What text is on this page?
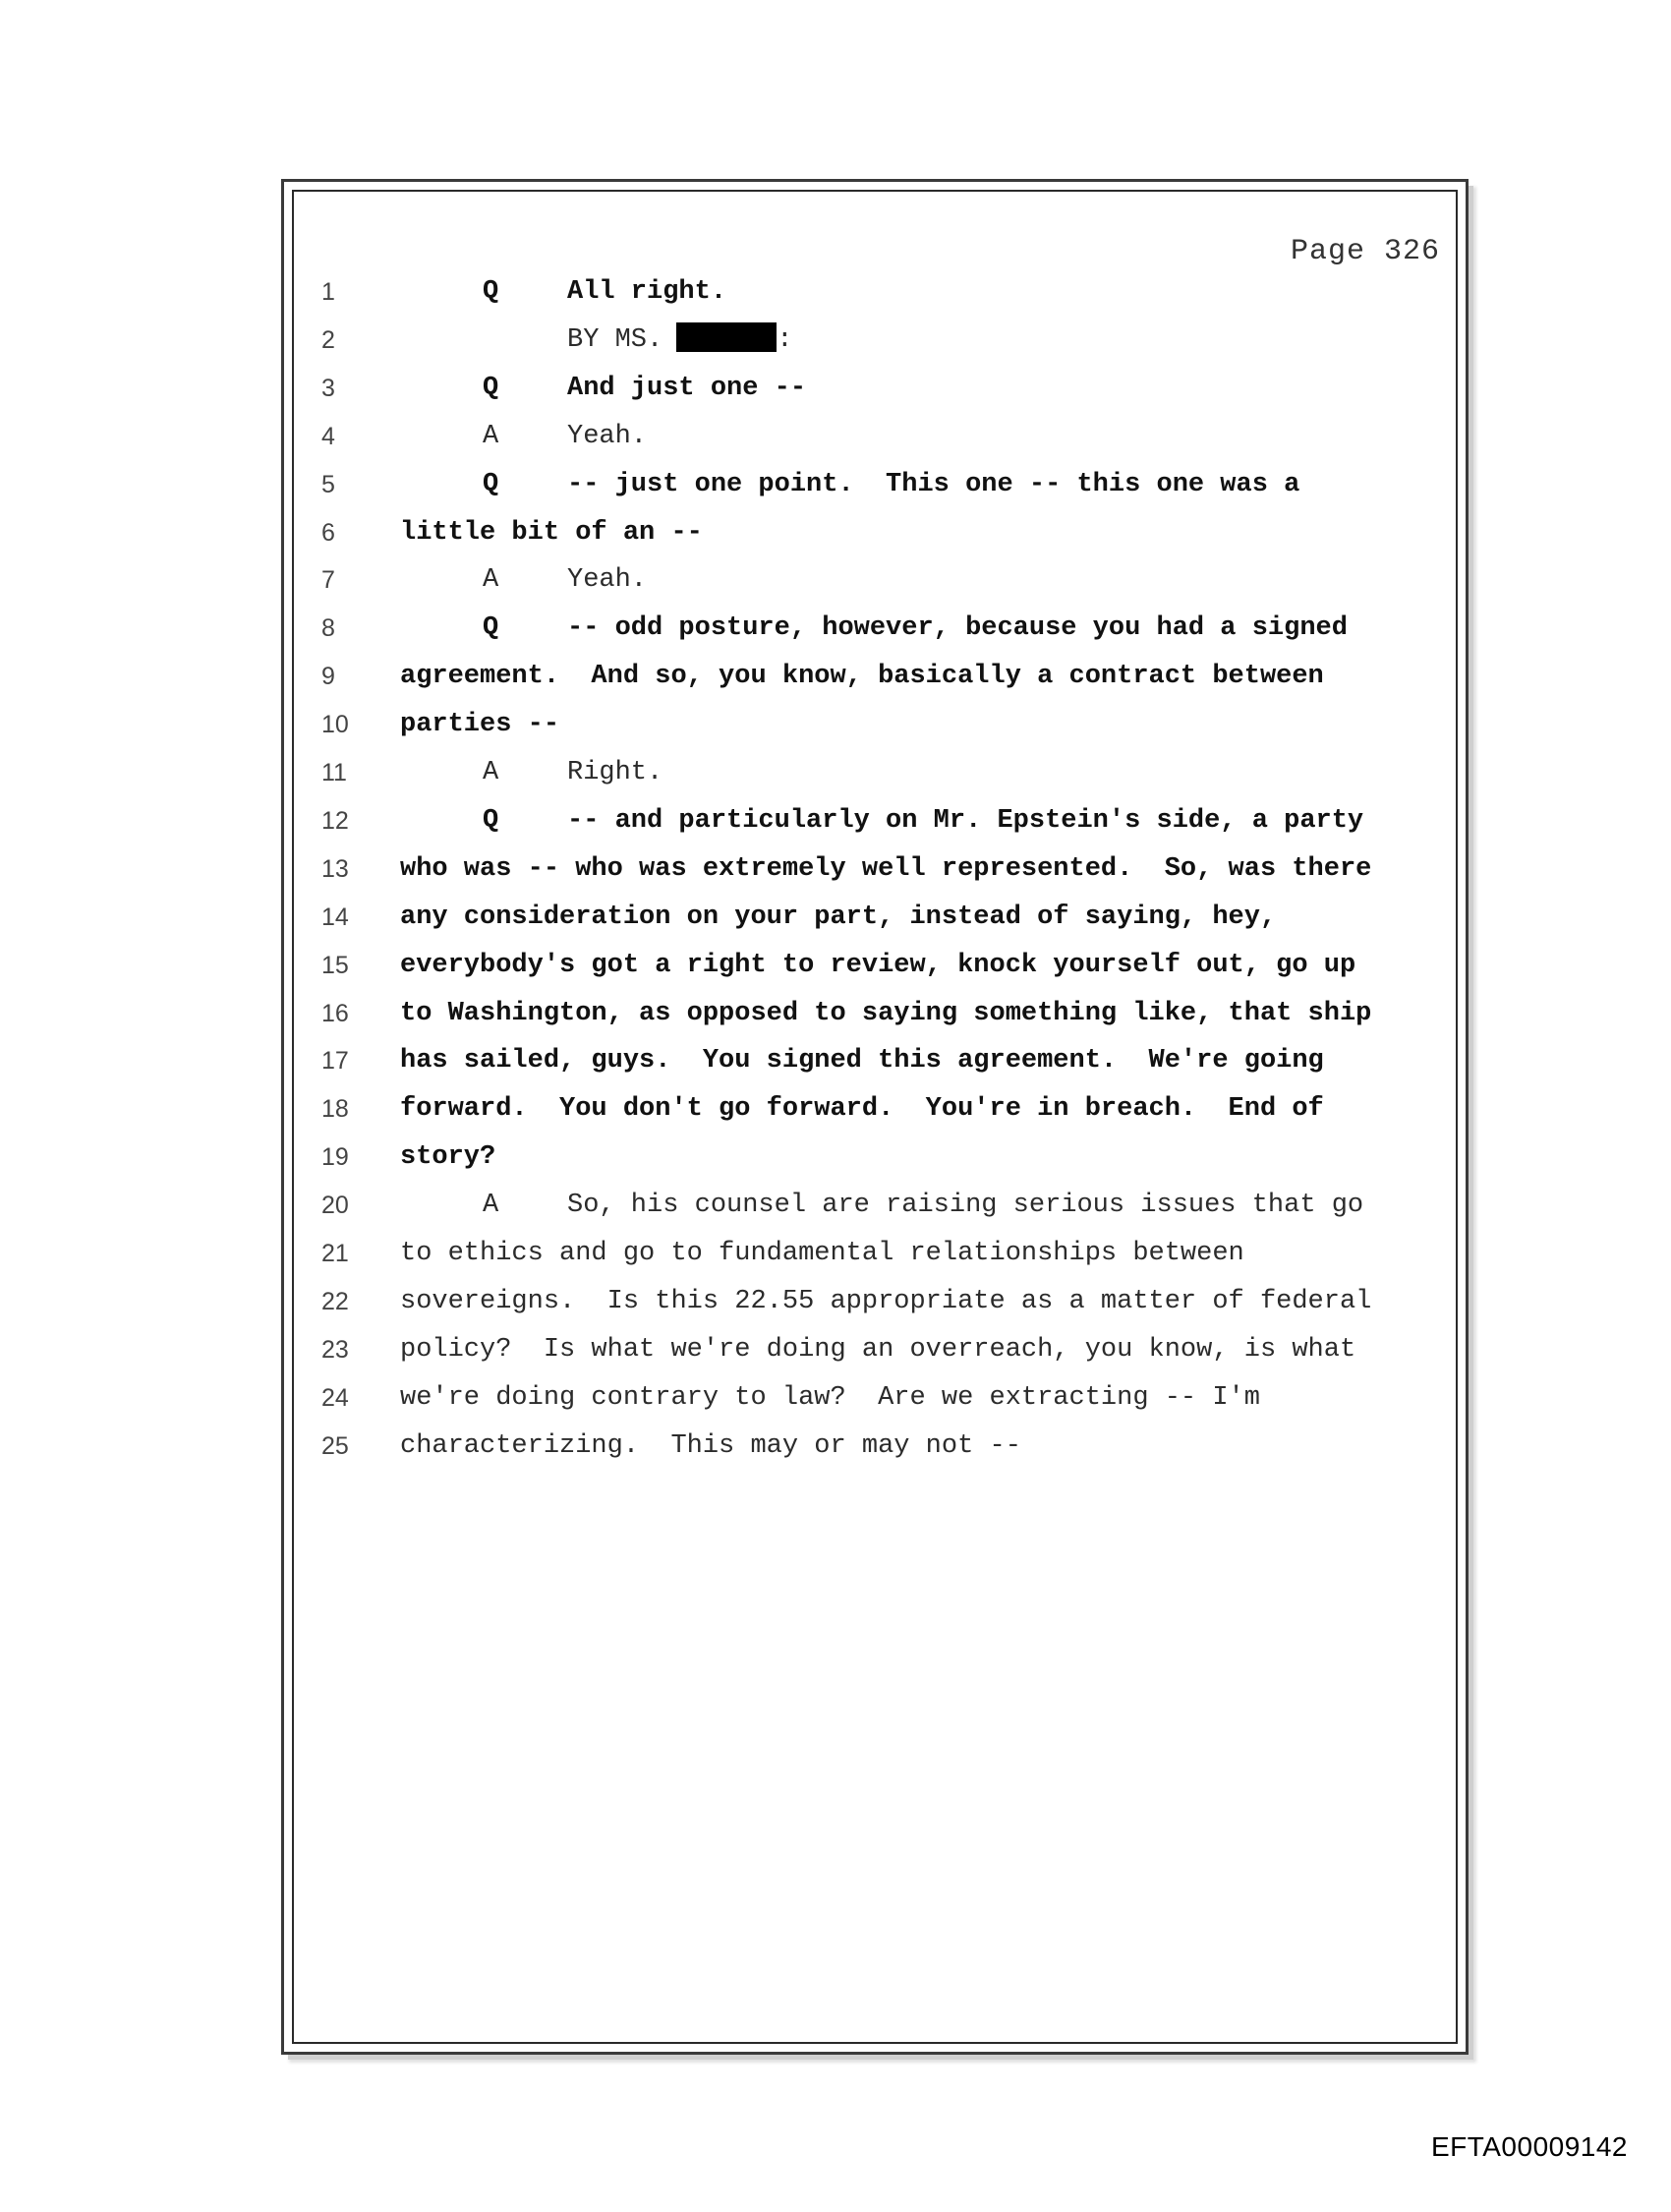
Page 326
1	Q	All right.
2	BY MS.	:
3	Q	And just one --
4	A	Yeah.
5	Q	-- just one point.  This one -- this one was a
6	little bit of an --
7	A	Yeah.
8	Q	-- odd posture, however, because you had a signed
9	agreement.  And so, you know, basically a contract between
10	parties --
11	A	Right.
12	Q	-- and particularly on Mr. Epstein's side, a party
13	who was -- who was extremely well represented.  So, was there
14	any consideration on your part, instead of saying, hey,
15	everybody's got a right to review, knock yourself out, go up
16	to Washington, as opposed to saying something like, that ship
17	has sailed, guys.  You signed this agreement.  We're going
18	forward.  You don't go forward.  You're in breach.  End of
19	story?
20	A	So, his counsel are raising serious issues that go
21	to ethics and go to fundamental relationships between
22	sovereigns.  Is this 22.55 appropriate as a matter of federal
23	policy?  Is what we're doing an overreach, you know, is what
24	we're doing contrary to law?  Are we extracting -- I'm
25	characterizing.  This may or may not --
EFTA00009142
